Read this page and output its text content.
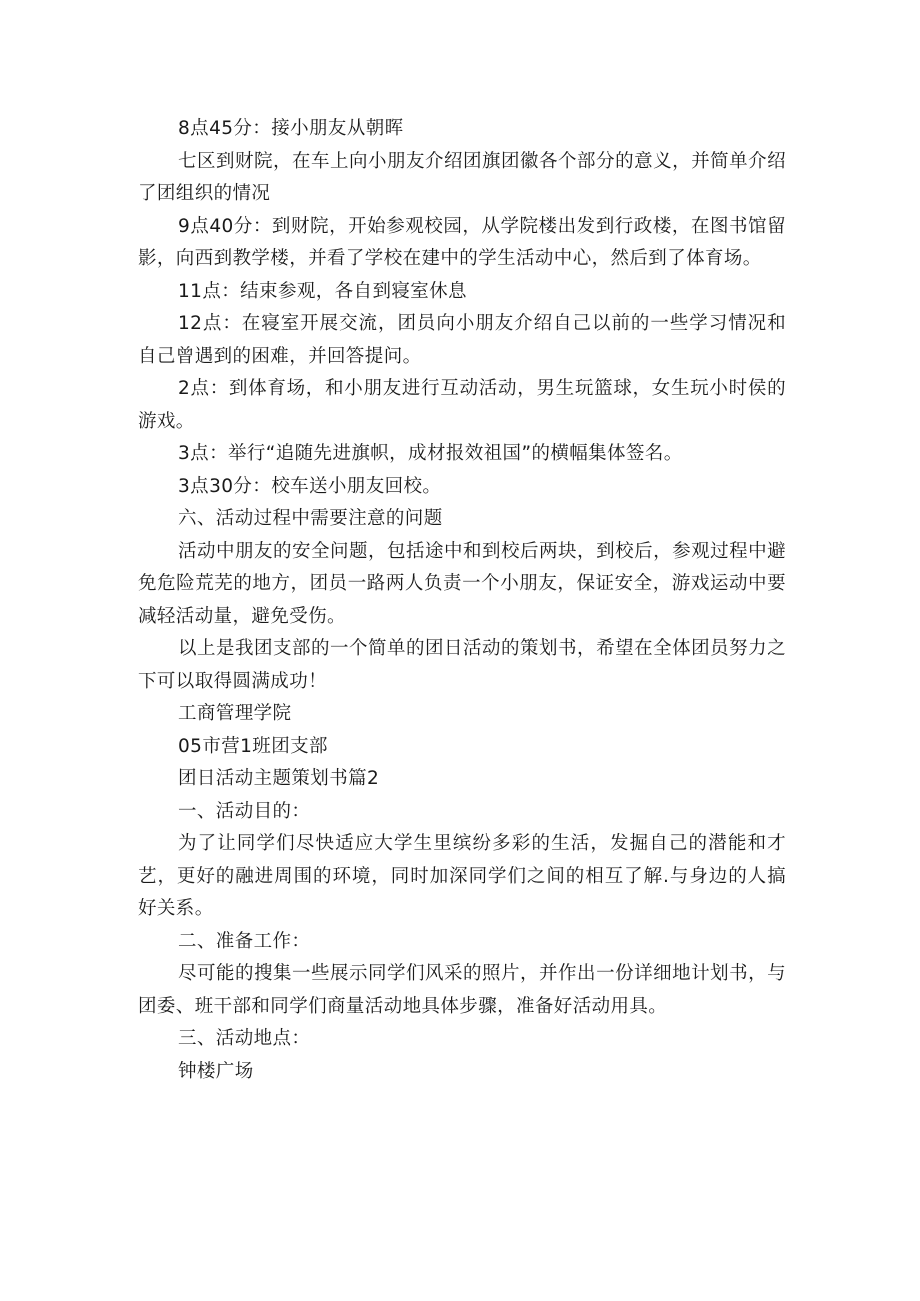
8点45分：接小朋友从朝晖

七区到财院，在车上向小朋友介绍团旗团徽各个部分的意义，并简单介绍了团组织的情况

9点40分：到财院，开始参观校园，从学院楼出发到行政楼，在图书馆留影，向西到教学楼，并看了学校在建中的学生活动中心，然后到了体育场。

11点：结束参观，各自到寝室休息

12点：在寝室开展交流，团员向小朋友介绍自己以前的一些学习情况和自己曾遇到的困难，并回答提问。

2点：到体育场，和小朋友进行互动活动，男生玩篮球，女生玩小时侯的游戏。

3点：举行“追随先进旗帜，成材报效祖国”的横幅集体签名。

3点30分：校车送小朋友回校。

六、活动过程中需要注意的问题

活动中朋友的安全问题，包括途中和到校后两块，到校后，参观过程中避免危险荒芜的地方，团员一路两人负责一个小朋友，保证安全，游戏运动中要减轻活动量，避免受伤。

以上是我团支部的一个简单的团日活动的策划书，希望在全体团员努力之下可以取得圆满成功！

工商管理学院

05市营1班团支部

团日活动主题策划书篇2

一、活动目的：

为了让同学们尽快适应大学生里缤纷多彩的生活，发掘自己的潜能和才艺，更好的融进周围的环境，同时加深同学们之间的相互了解.与身边的人搞好关系。

二、准备工作：

尽可能的搜集一些展示同学们风采的照片，并作出一份详细地计划书，与团委、班干部和同学们商量活动地具体步骤，准备好活动用具。

三、活动地点：

钟楼广场
